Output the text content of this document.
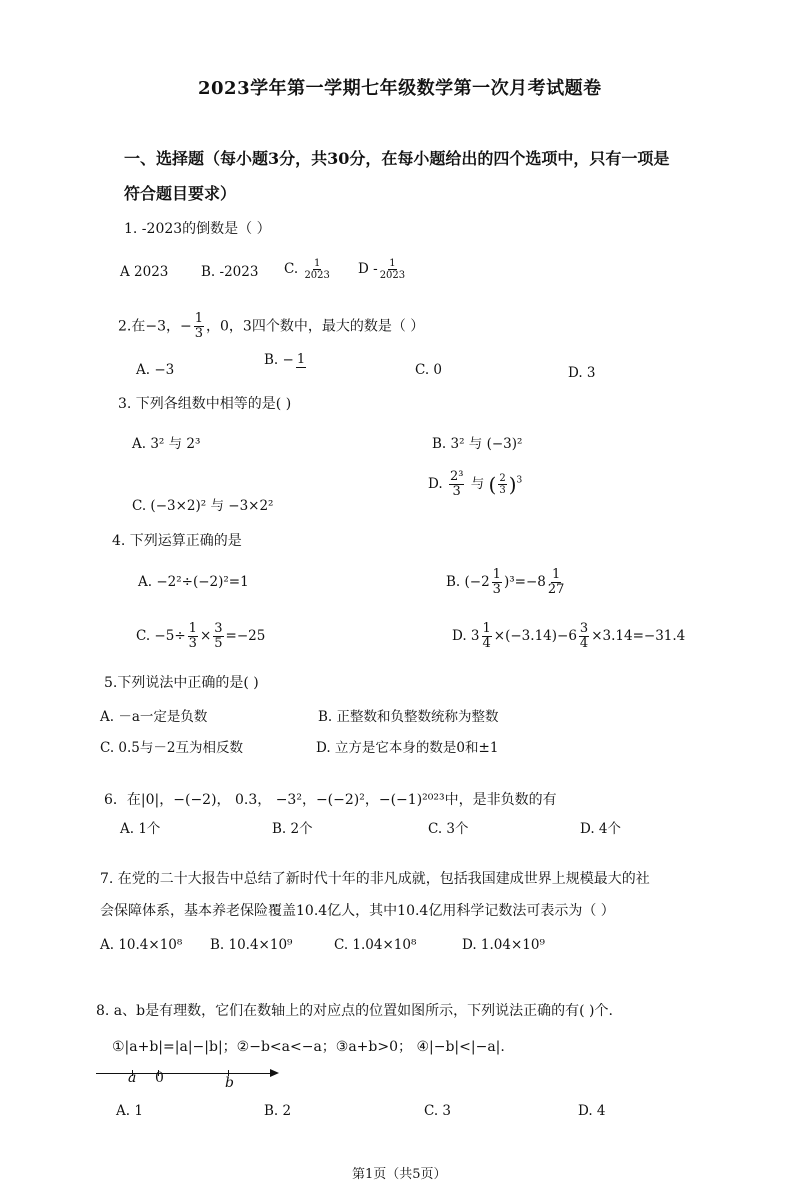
2023学年第一学期七年级数学第一次月考试题卷
一、选择题（每小题3分，共30分，在每小题给出的四个选项中，只有一项是
符合题目要求）
1. -2023的倒数是（ ）
A 2023 B. -2023 C. $\frac{1}{2023}$ D - $\frac{1}{2023}$
2.在−3，− $\frac{1}{3}$ ，0，3四个数中，最大的数是（ ）
A. −3
B. − 1
C. 0	D. 3
3. 下列各组数中相等的是( )
A. 3² 与 2³	B. 3² 与 (−3)²
C. (−3×2)² 与 −3×2²
D. $\frac{\text{2³}}{3}$ 与 ( $\frac{2}{3} )^3$
4. 下列运算正确的是
A. −2²÷(−2)²=1	B. $(-2 \frac{1}{3} )^3=-8 \frac{1}{27}$
C. $-5\div \frac{1}{3} \times \frac{3}{5} =-25$	D. $3 \frac{1}{4} \times(-3.14)-6 \frac{3}{4} \times 3.14=-31.4$
5.下列说法中正确的是( )
A. －a一定是负数	B. 正整数和负整数统称为整数
C. 0.5与－2互为相反数	D. 立方是它本身的数是0和±1
6．在|0|，−(−2)， 0.3， −3²，−(−2)²，−(−1)²⁰²³中，是非负数的有
A. 1个	B. 2个	C. 3个	D. 4个
7. 在党的二十大报告中总结了新时代十年的非凡成就，包括我国建成世界上规模最大的社
会保障体系，基本养老保险覆盖10.4亿人，其中10.4亿用科学记数法可表示为（ ）
A. 10.4×10⁸ B. 10.4×10⁹	C. 1.04×10⁸	D. 1.04×10⁹
8. a、b是有理数，它们在数轴上的对应点的位置如图所示，下列说法正确的有( )个.
①|a+b|=|a|−|b|；②−b<a<−a；③a+b>0； ④|−b|<|−a|.
a 0	b
A. 1	B. 2	C. 3	D. 4
第1页（共5页）
